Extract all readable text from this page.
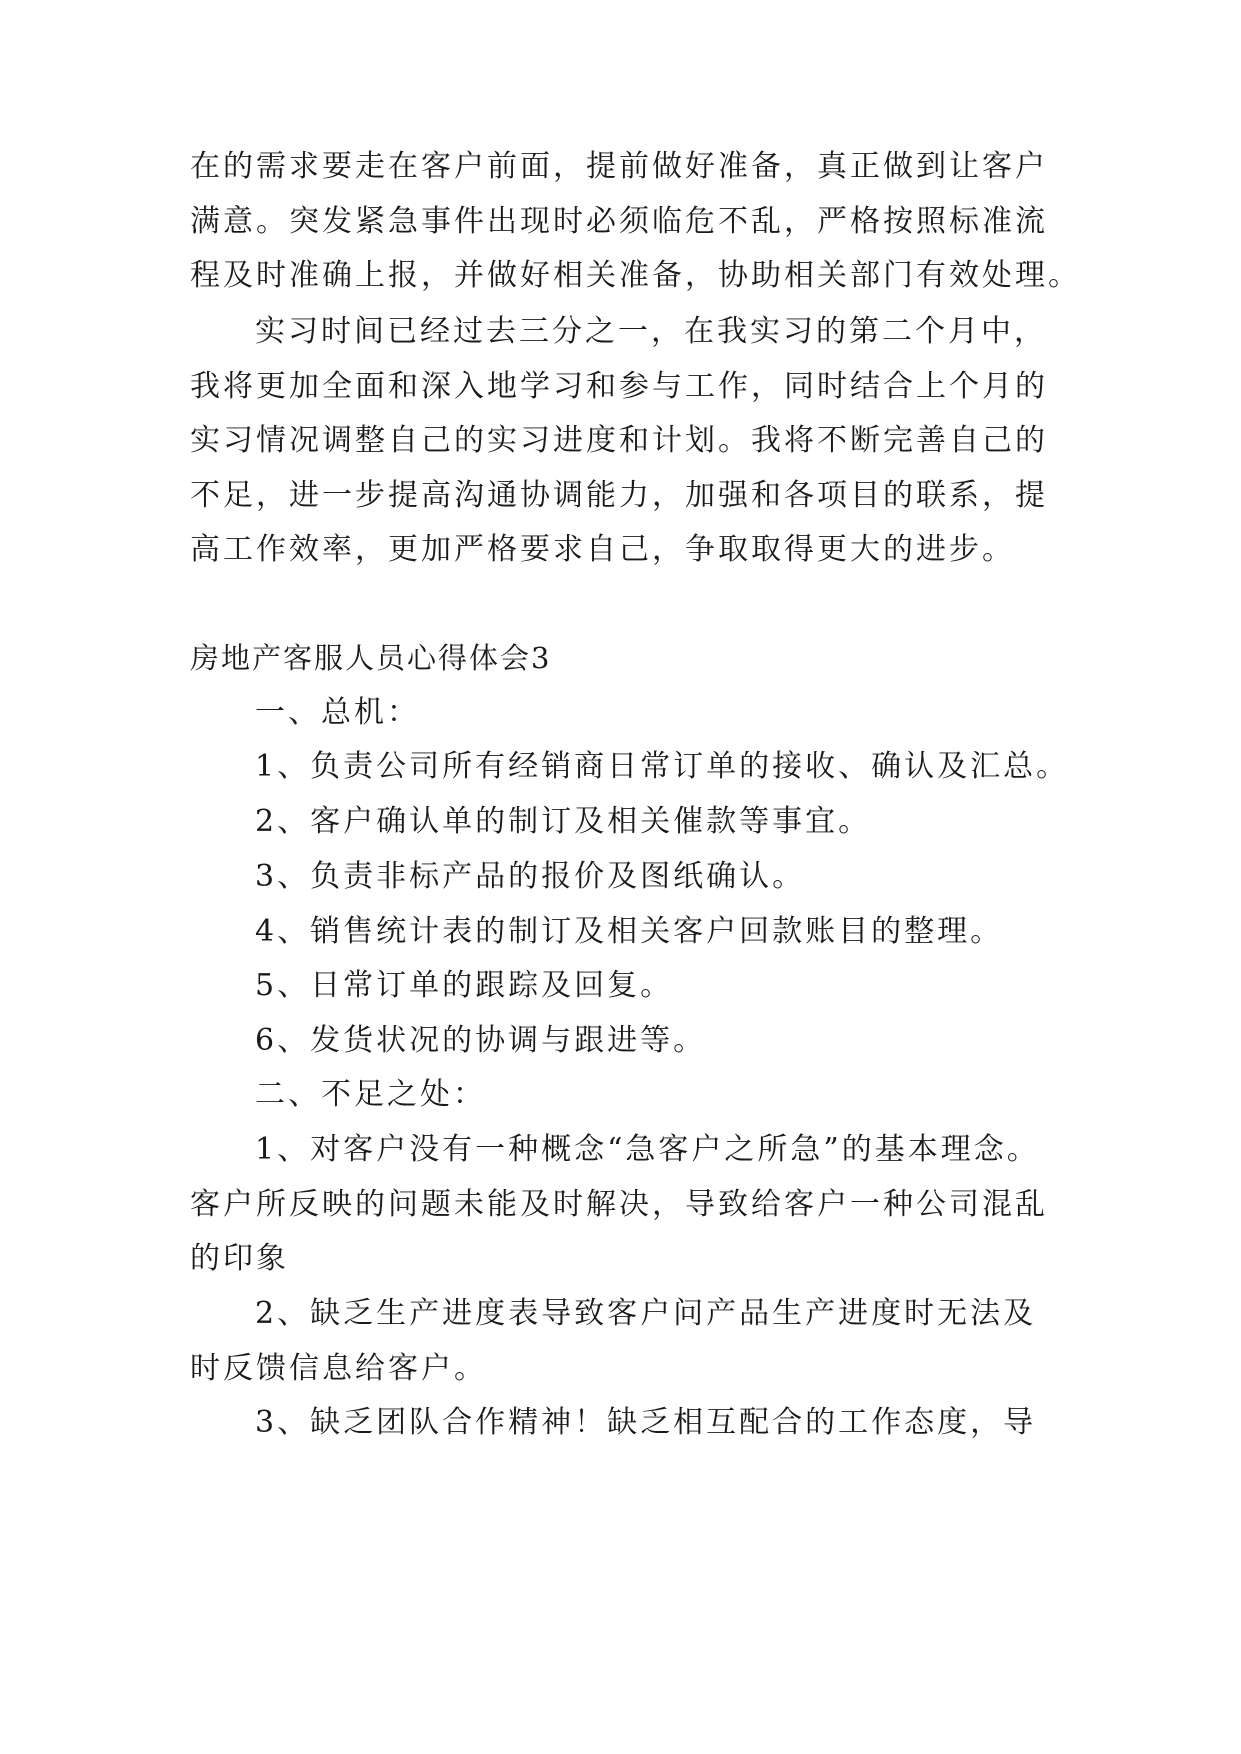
在的需求要走在客户前面，提前做好准备，真正做到让客户

满意。突发紧急事件出现时必须临危不乱，严格按照标准流

程及时准确上报，并做好相关准备，协助相关部门有效处理。

实习时间已经过去三分之一，在我实习的第二个月中，

我将更加全面和深入地学习和参与工作，同时结合上个月的

实习情况调整自己的实习进度和计划。我将不断完善自己的

不足，进一步提高沟通协调能力，加强和各项目的联系，提

高工作效率，更加严格要求自己，争取取得更大的进步。

房地产客服人员心得体会3

一、总机：

1、负责公司所有经销商日常订单的接收、确认及汇总。

2、客户确认单的制订及相关催款等事宜。

3、负责非标产品的报价及图纸确认。

4、销售统计表的制订及相关客户回款账目的整理。

5、日常订单的跟踪及回复。

6、发货状况的协调与跟进等。

二、不足之处：

1、对客户没有一种概念“急客户之所急”的基本理念。

客户所反映的问题未能及时解决，导致给客户一种公司混乱

的印象

2、缺乏生产进度表导致客户问产品生产进度时无法及

时反馈信息给客户。

3、缺乏团队合作精神！缺乏相互配合的工作态度，导
